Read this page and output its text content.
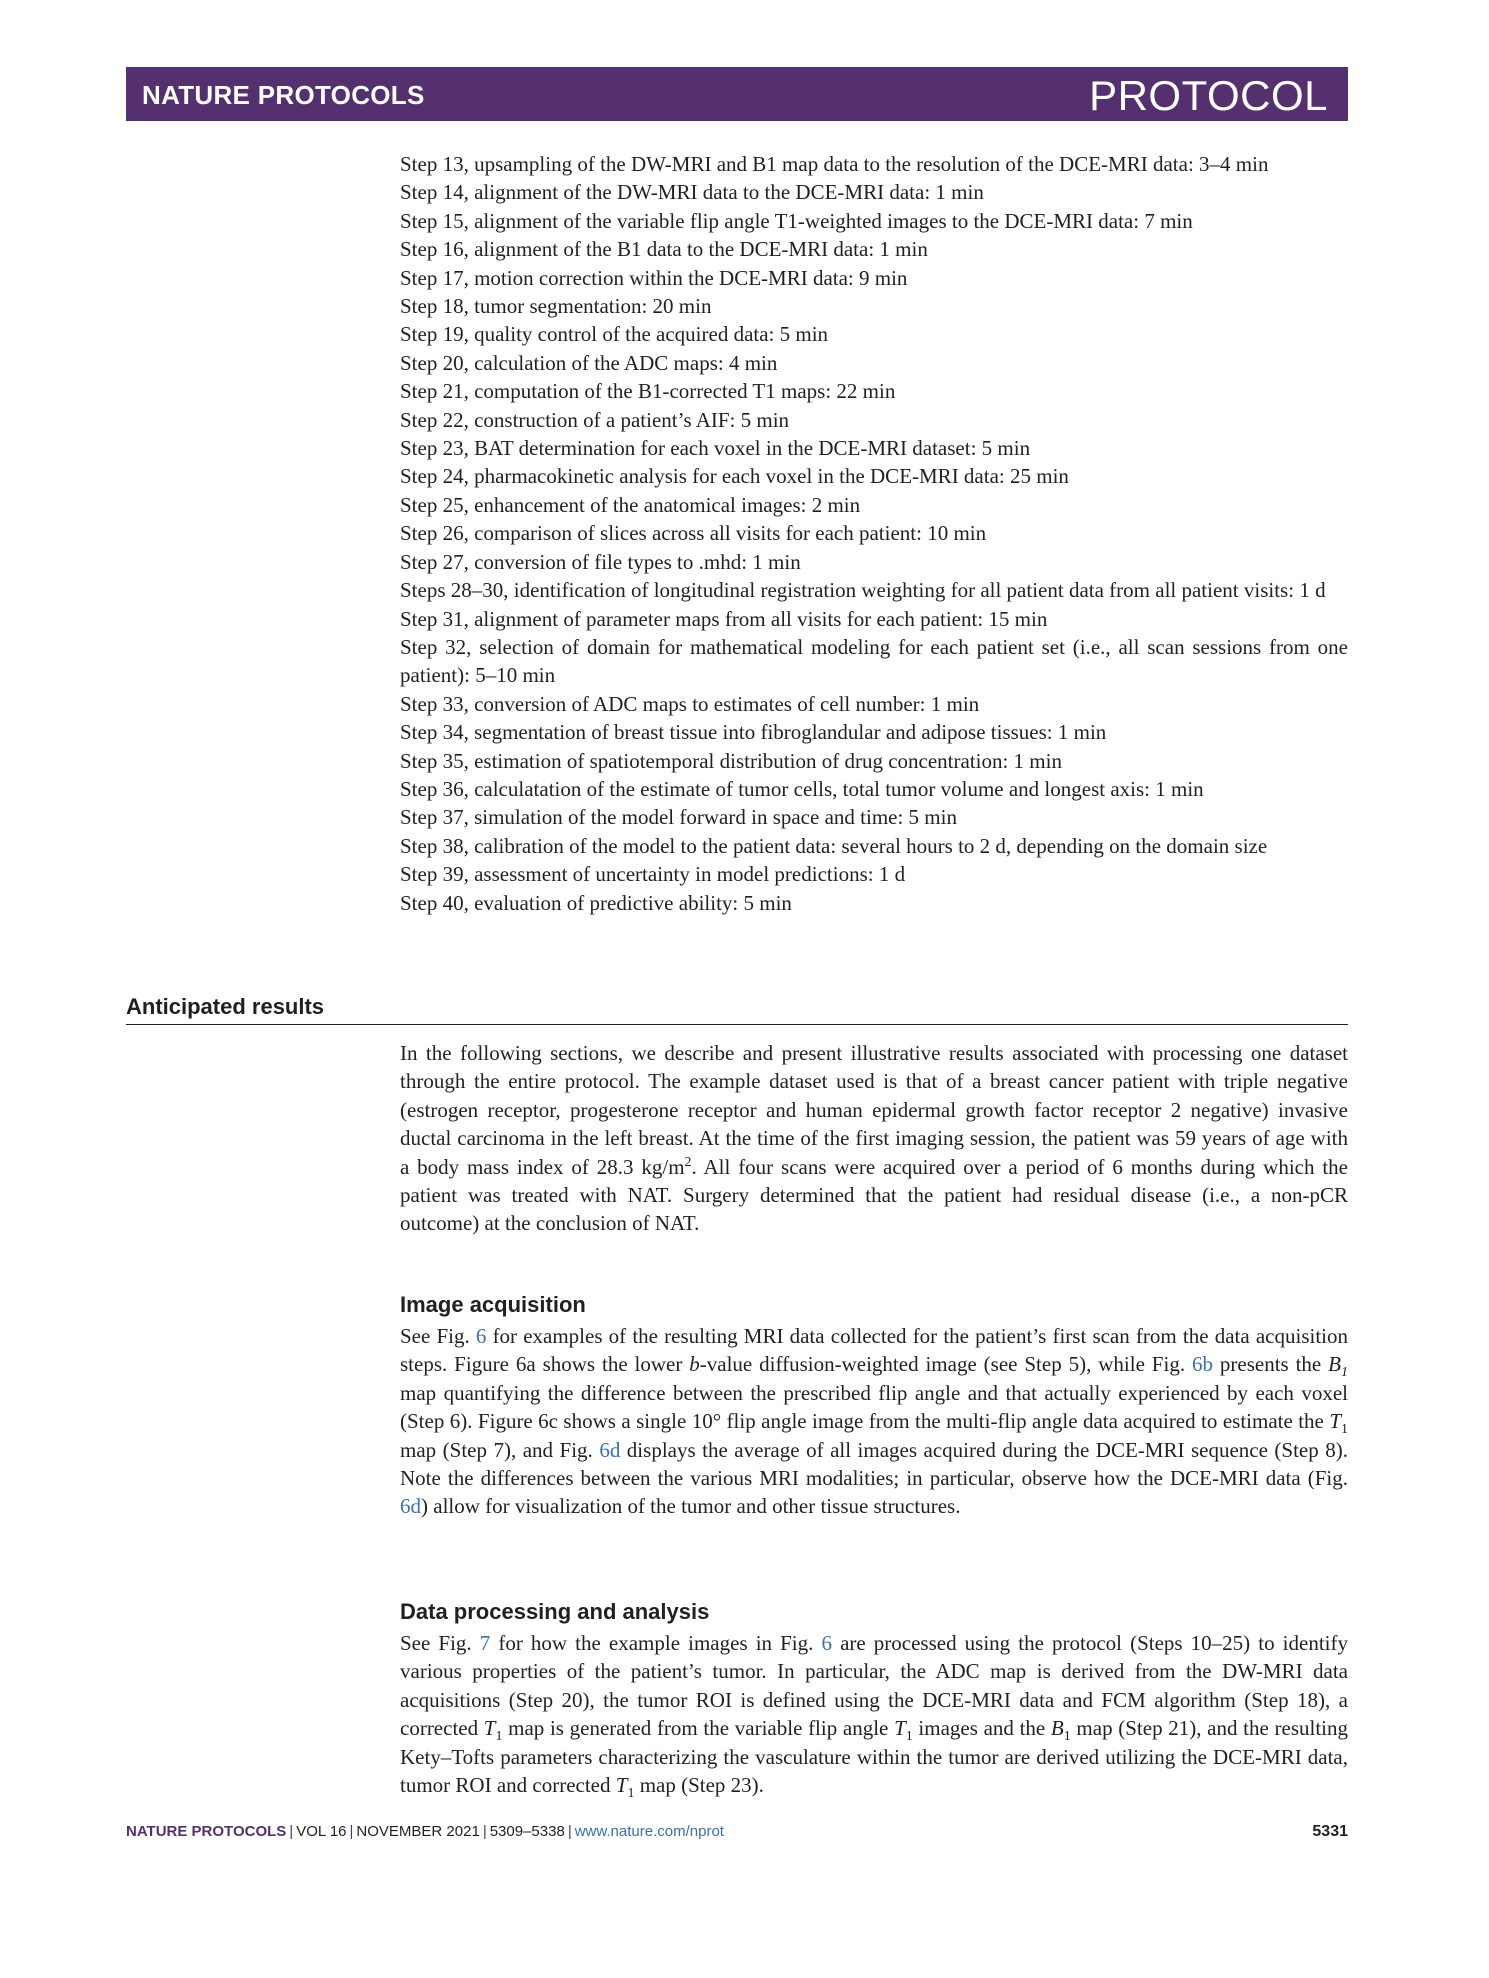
NATURE PROTOCOLS	PROTOCOL

Step 13, upsampling of the DW-MRI and B1 map data to the resolution of the DCE-MRI data: 3–4 min

Step 14, alignment of the DW-MRI data to the DCE-MRI data: 1 min

Step 15, alignment of the variable flip angle T1-weighted images to the DCE-MRI data: 7 min

Step 16, alignment of the B1 data to the DCE-MRI data: 1 min

Step 17, motion correction within the DCE-MRI data: 9 min

Step 18, tumor segmentation: 20 min

Step 19, quality control of the acquired data: 5 min

Step 20, calculation of the ADC maps: 4 min

Step 21, computation of the B1-corrected T1 maps: 22 min

Step 22, construction of a patient’s AIF: 5 min

Step 23, BAT determination for each voxel in the DCE-MRI dataset: 5 min

Step 24, pharmacokinetic analysis for each voxel in the DCE-MRI data: 25 min

Step 25, enhancement of the anatomical images: 2 min

Step 26, comparison of slices across all visits for each patient: 10 min

Step 27, conversion of file types to .mhd: 1 min

Steps 28–30, identification of longitudinal registration weighting for all patient data from all patient visits: 1 d

Step 31, alignment of parameter maps from all visits for each patient: 15 min

Step 32, selection of domain for mathematical modeling for each patient set (i.e., all scan sessions from one patient): 5–10 min

Step 33, conversion of ADC maps to estimates of cell number: 1 min

Step 34, segmentation of breast tissue into fibroglandular and adipose tissues: 1 min

Step 35, estimation of spatiotemporal distribution of drug concentration: 1 min

Step 36, calculatation of the estimate of tumor cells, total tumor volume and longest axis: 1 min

Step 37, simulation of the model forward in space and time: 5 min

Step 38, calibration of the model to the patient data: several hours to 2 d, depending on the domain size

Step 39, assessment of uncertainty in model predictions: 1 d

Step 40, evaluation of predictive ability: 5 min

Anticipated results

In the following sections, we describe and present illustrative results associated with processing one dataset through the entire protocol. The example dataset used is that of a breast cancer patient with triple negative (estrogen receptor, progesterone receptor and human epidermal growth factor receptor 2 negative) invasive ductal carcinoma in the left breast. At the time of the first imaging session, the patient was 59 years of age with a body mass index of 28.3 $kg/m^2$. All four scans were acquired over a period of 6 months during which the patient was treated with NAT. Surgery determined that the patient had residual disease (i.e., a non-pCR outcome) at the conclusion of NAT.

Image acquisition

See Fig. 6 for examples of the resulting MRI data collected for the patient’s first scan from the data acquisition steps. Figure 6a shows the lower b-value diffusion-weighted image (see Step 5), while Fig. 6b presents the $B_1$ map quantifying the difference between the prescribed flip angle and that actually experienced by each voxel (Step 6). Figure 6c shows a single 10° flip angle image from the multi-flip angle data acquired to estimate the $T_1$ map (Step 7), and Fig. 6d displays the average of all images acquired during the DCE-MRI sequence (Step 8). Note the differences between the various MRI modalities; in particular, observe how the DCE-MRI data (Fig. 6d) allow for visualization of the tumor and other tissue structures.

Data processing and analysis

See Fig. 7 for how the example images in Fig. 6 are processed using the protocol (Steps 10–25) to identify various properties of the patient’s tumor. In particular, the ADC map is derived from the DW-MRI data acquisitions (Step 20), the tumor ROI is defined using the DCE-MRI data and FCM algorithm (Step 18), a corrected $T_1$ map is generated from the variable flip angle $T_1$ images and the $B_1$ map (Step 21), and the resulting Kety–Tofts parameters characterizing the vasculature within the tumor are derived utilizing the DCE-MRI data, tumor ROI and corrected $T_1$ map (Step 23).

NATURE PROTOCOLS | VOL 16 | NOVEMBER 2021 | 5309–5338 | www.nature.com/nprot	5331
